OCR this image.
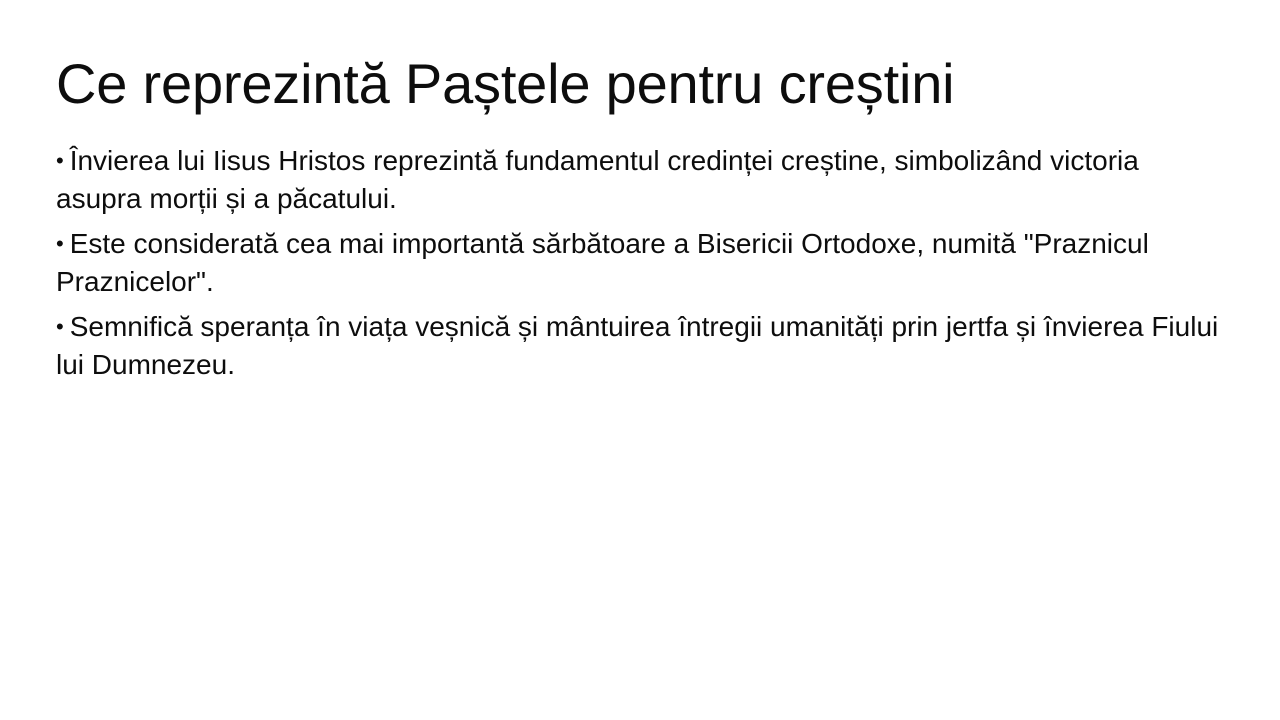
Ce reprezintă Paștele pentru creștini

• Învierea lui Iisus Hristos reprezintă fundamentul credinței creștine, simbolizând victoria asupra morții și a păcatului.

• Este considerată cea mai importantă sărbătoare a Bisericii Ortodoxe, numită "Praznicul Praznicelor".

• Semnifică speranța în viața veșnică și mântuirea întregii umanități prin jertfa și învierea Fiului lui Dumnezeu.
